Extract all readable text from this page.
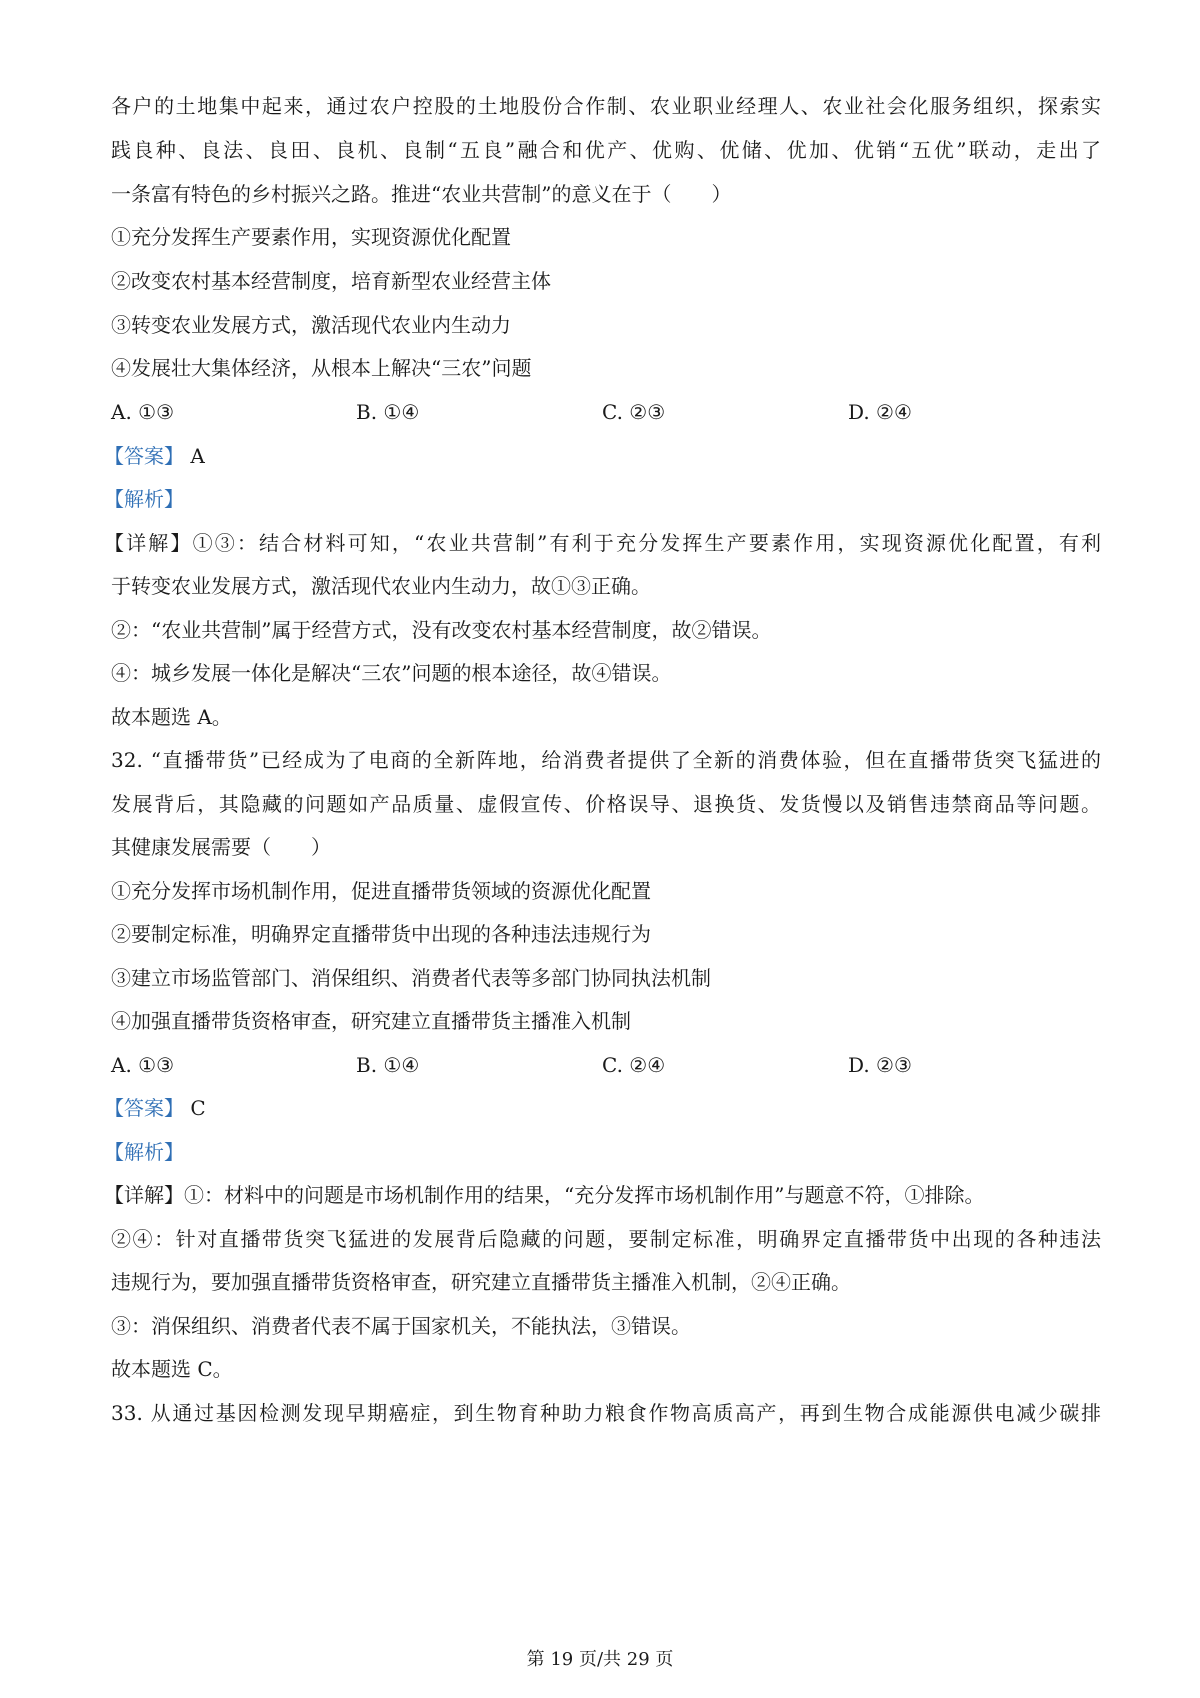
各户的土地集中起来，通过农户控股的土地股份合作制、农业职业经理人、农业社会化服务组织，探索实
践良种、良法、良田、良机、良制“五良”融合和优产、优购、优储、优加、优销“五优”联动，走出了
一条富有特色的乡村振兴之路。推进“农业共营制”的意义在于（　　）
①充分发挥生产要素作用，实现资源优化配置
②改变农村基本经营制度，培育新型农业经营主体
③转变农业发展方式，激活现代农业内生动力
④发展壮大集体经济，从根本上解决“三农”问题
A. ①③	B. ①④	C. ②③	D. ②④
【答案】 A
【解析】
【详解】①③：结合材料可知，“农业共营制”有利于充分发挥生产要素作用，实现资源优化配置，有利
于转变农业发展方式，激活现代农业内生动力，故①③正确。
②：“农业共营制”属于经营方式，没有改变农村基本经营制度，故②错误。
④：城乡发展一体化是解决“三农”问题的根本途径，故④错误。
故本题选 A。
32. “直播带货”已经成为了电商的全新阵地，给消费者提供了全新的消费体验，但在直播带货突飞猛进的
发展背后，其隐藏的问题如产品质量、虚假宣传、价格误导、退换货、发货慢以及销售违禁商品等问题。
其健康发展需要（　　）
①充分发挥市场机制作用，促进直播带货领域的资源优化配置
②要制定标准，明确界定直播带货中出现的各种违法违规行为
③建立市场监管部门、消保组织、消费者代表等多部门协同执法机制
④加强直播带货资格审查，研究建立直播带货主播准入机制
A. ①③	B. ①④	C. ②④	D. ②③
【答案】 C
【解析】
【详解】①：材料中的问题是市场机制作用的结果，“充分发挥市场机制作用”与题意不符，①排除。
②④：针对直播带货突飞猛进的发展背后隐藏的问题，要制定标准，明确界定直播带货中出现的各种违法
违规行为，要加强直播带货资格审查，研究建立直播带货主播准入机制，②④正确。
③：消保组织、消费者代表不属于国家机关，不能执法，③错误。
故本题选 C。
33. 从通过基因检测发现早期癌症，到生物育种助力粮食作物高质高产，再到生物合成能源供电减少碳排
第 19 页/共 29 页
